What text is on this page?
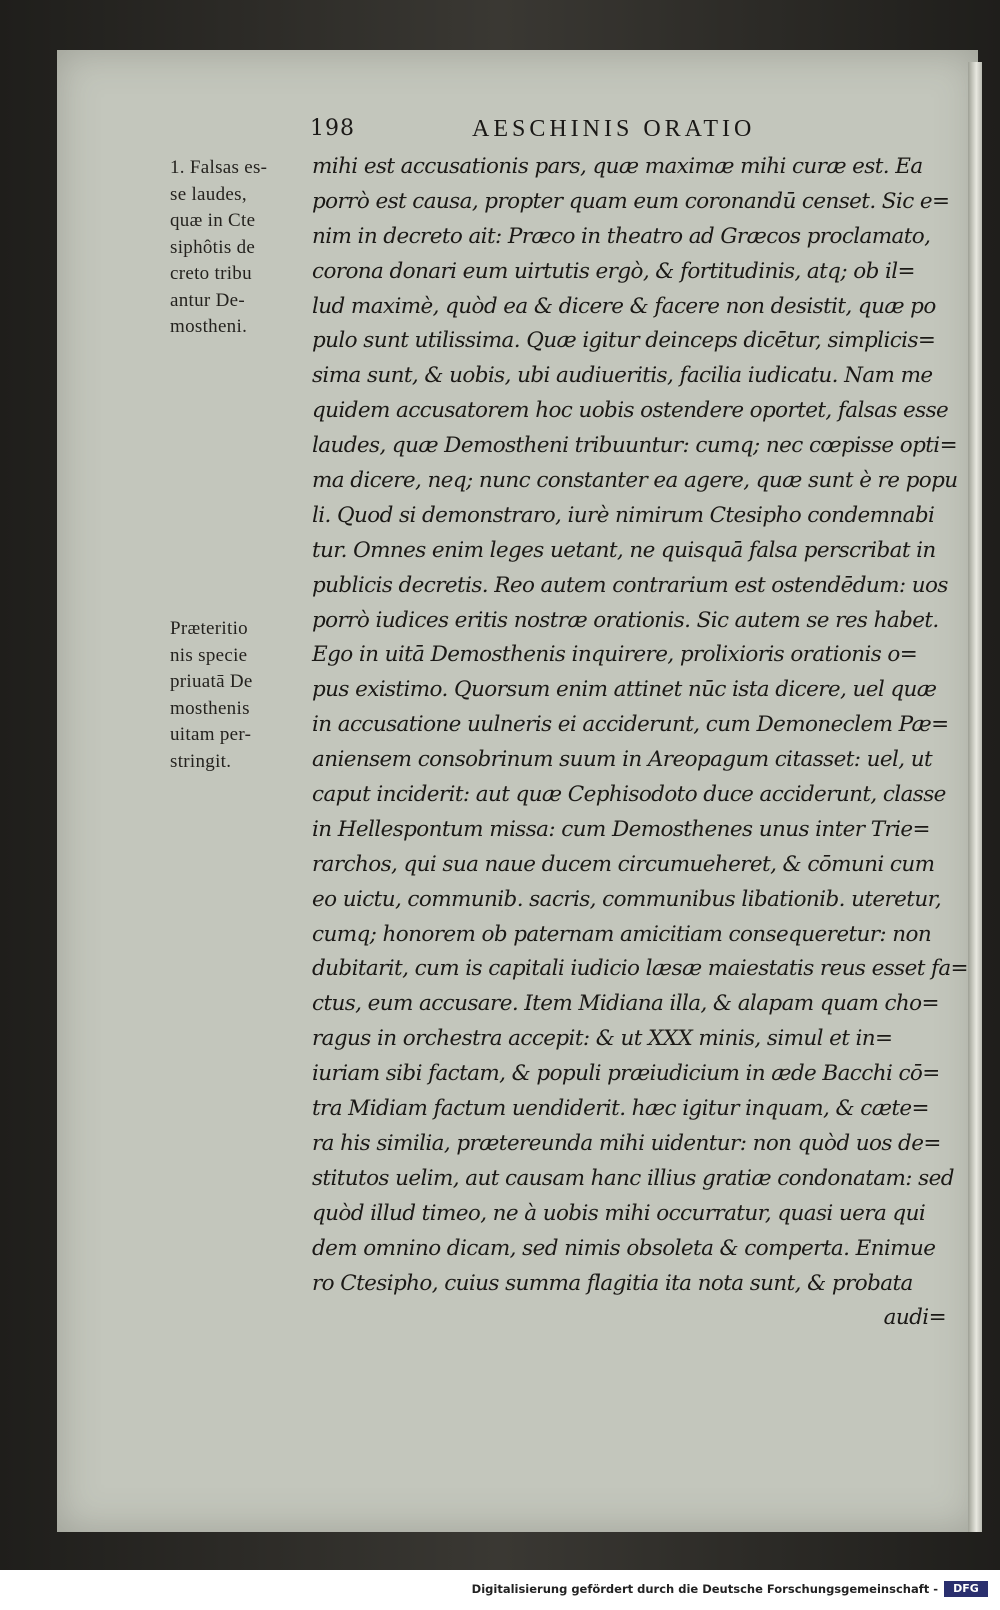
198	AESCHINIS ORATIO
1. Falsas es-
se laudes,
quæ in Cte
siphôtis de
creto tribu
antur De-
mostheni.
Præteritio
nis specie
priuatā De
mosthenis
uitam per-
stringit.
mihi est accusationis pars, quæ maximæ mihi curæ est. Ea
porrò est causa, propter quam eum coronandū censet. Sic e=
nim in decreto ait: Præco in theatro ad Græcos proclamato,
corona donari eum uirtutis ergò, & fortitudinis, atq; ob il=
lud maximè, quòd ea & dicere & facere non desistit, quæ po
pulo sunt utilissima. Quæ igitur deinceps dicētur, simplicis=
sima sunt, & uobis, ubi audiueritis, facilia iudicatu. Nam me
quidem accusatorem hoc uobis ostendere oportet, falsas esse
laudes, quæ Demostheni tribuuntur: cumq; nec cœpisse opti=
ma dicere, neq; nunc constanter ea agere, quæ sunt è re popu
li. Quod si demonstraro, iurè nimirum Ctesipho condemnabi
tur. Omnes enim leges uetant, ne quisquā falsa perscribat in
publicis decretis. Reo autem contrarium est ostendēdum: uos
porrò iudices eritis nostræ orationis. Sic autem se res habet.
Ego in uitā Demosthenis inquirere, prolixioris orationis o=
pus existimo. Quorsum enim attinet nūc ista dicere, uel quæ
in accusatione uulneris ei acciderunt, cum Demoneclem Pæ=
aniensem consobrinum suum in Areopagum citasset: uel, ut
caput inciderit: aut quæ Cephisodoto duce acciderunt, classe
in Hellespontum missa: cum Demosthenes unus inter Trie=
rarchos, qui sua naue ducem circumueheret, & cōmuni cum
eo uictu, communib. sacris, communibus libationib. uteretur,
cumq; honorem ob paternam amicitiam consequeretur: non
dubitarit, cum is capitali iudicio læsæ maiestatis reus esset fa=
ctus, eum accusare. Item Midiana illa, & alapam quam cho=
ragus in orchestra accepit: & ut XXX minis, simul et in=
iuriam sibi factam, & populi præiudicium in æde Bacchi cō=
tra Midiam factum uendiderit. hæc igitur inquam, & cæte=
ra his similia, prætereunda mihi uidentur: non quòd uos de=
stitutos uelim, aut causam hanc illius gratiæ condonatam: sed
quòd illud timeo, ne à uobis mihi occurratur, quasi uera qui
dem omnino dicam, sed nimis obsoleta & comperta. Enimue
ro Ctesipho, cuius summa flagitia ita nota sunt, & probata
audi=
Digitalisierung gefördert durch die Deutsche Forschungsgemeinschaft -	DFG
